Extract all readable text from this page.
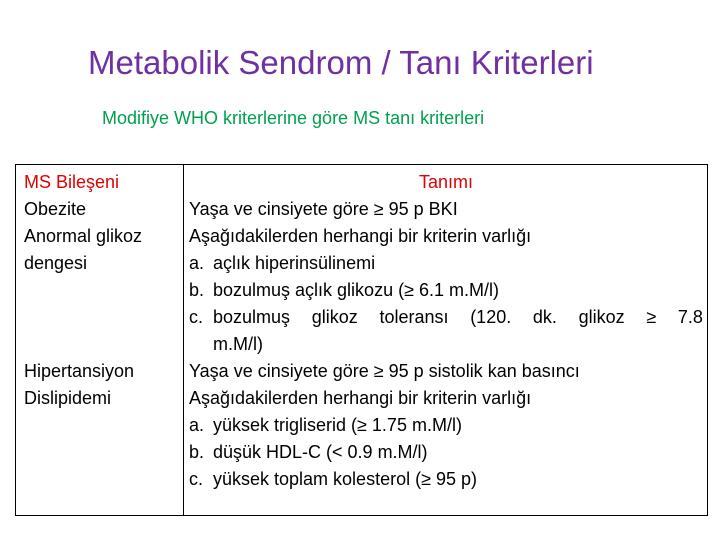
Metabolik Sendrom / Tanı Kriterleri
Modifiye WHO kriterlerine göre MS tanı kriterleri
MS Bileşeni
Obezite
Anormal glikoz
dengesi
Hipertansiyon
Dislipidemi
Tanımı
Yaşa ve cinsiyete göre ≥ 95 p BKI
Aşağıdakilerden herhangi bir kriterin varlığı
a. açlık hiperinsülinemi
b. bozulmuş açlık glikozu (≥ 6.1 m.M/l)
c. bozulmuş glikoz toleransı (120. dk. glikoz ≥ 7.8
m.M/l)
Yaşa ve cinsiyete göre ≥ 95 p sistolik kan basıncı
Aşağıdakilerden herhangi bir kriterin varlığı
a. yüksek trigliserid (≥ 1.75 m.M/l)
b. düşük HDL-C (< 0.9 m.M/l)
c. yüksek toplam kolesterol (≥ 95 p)
